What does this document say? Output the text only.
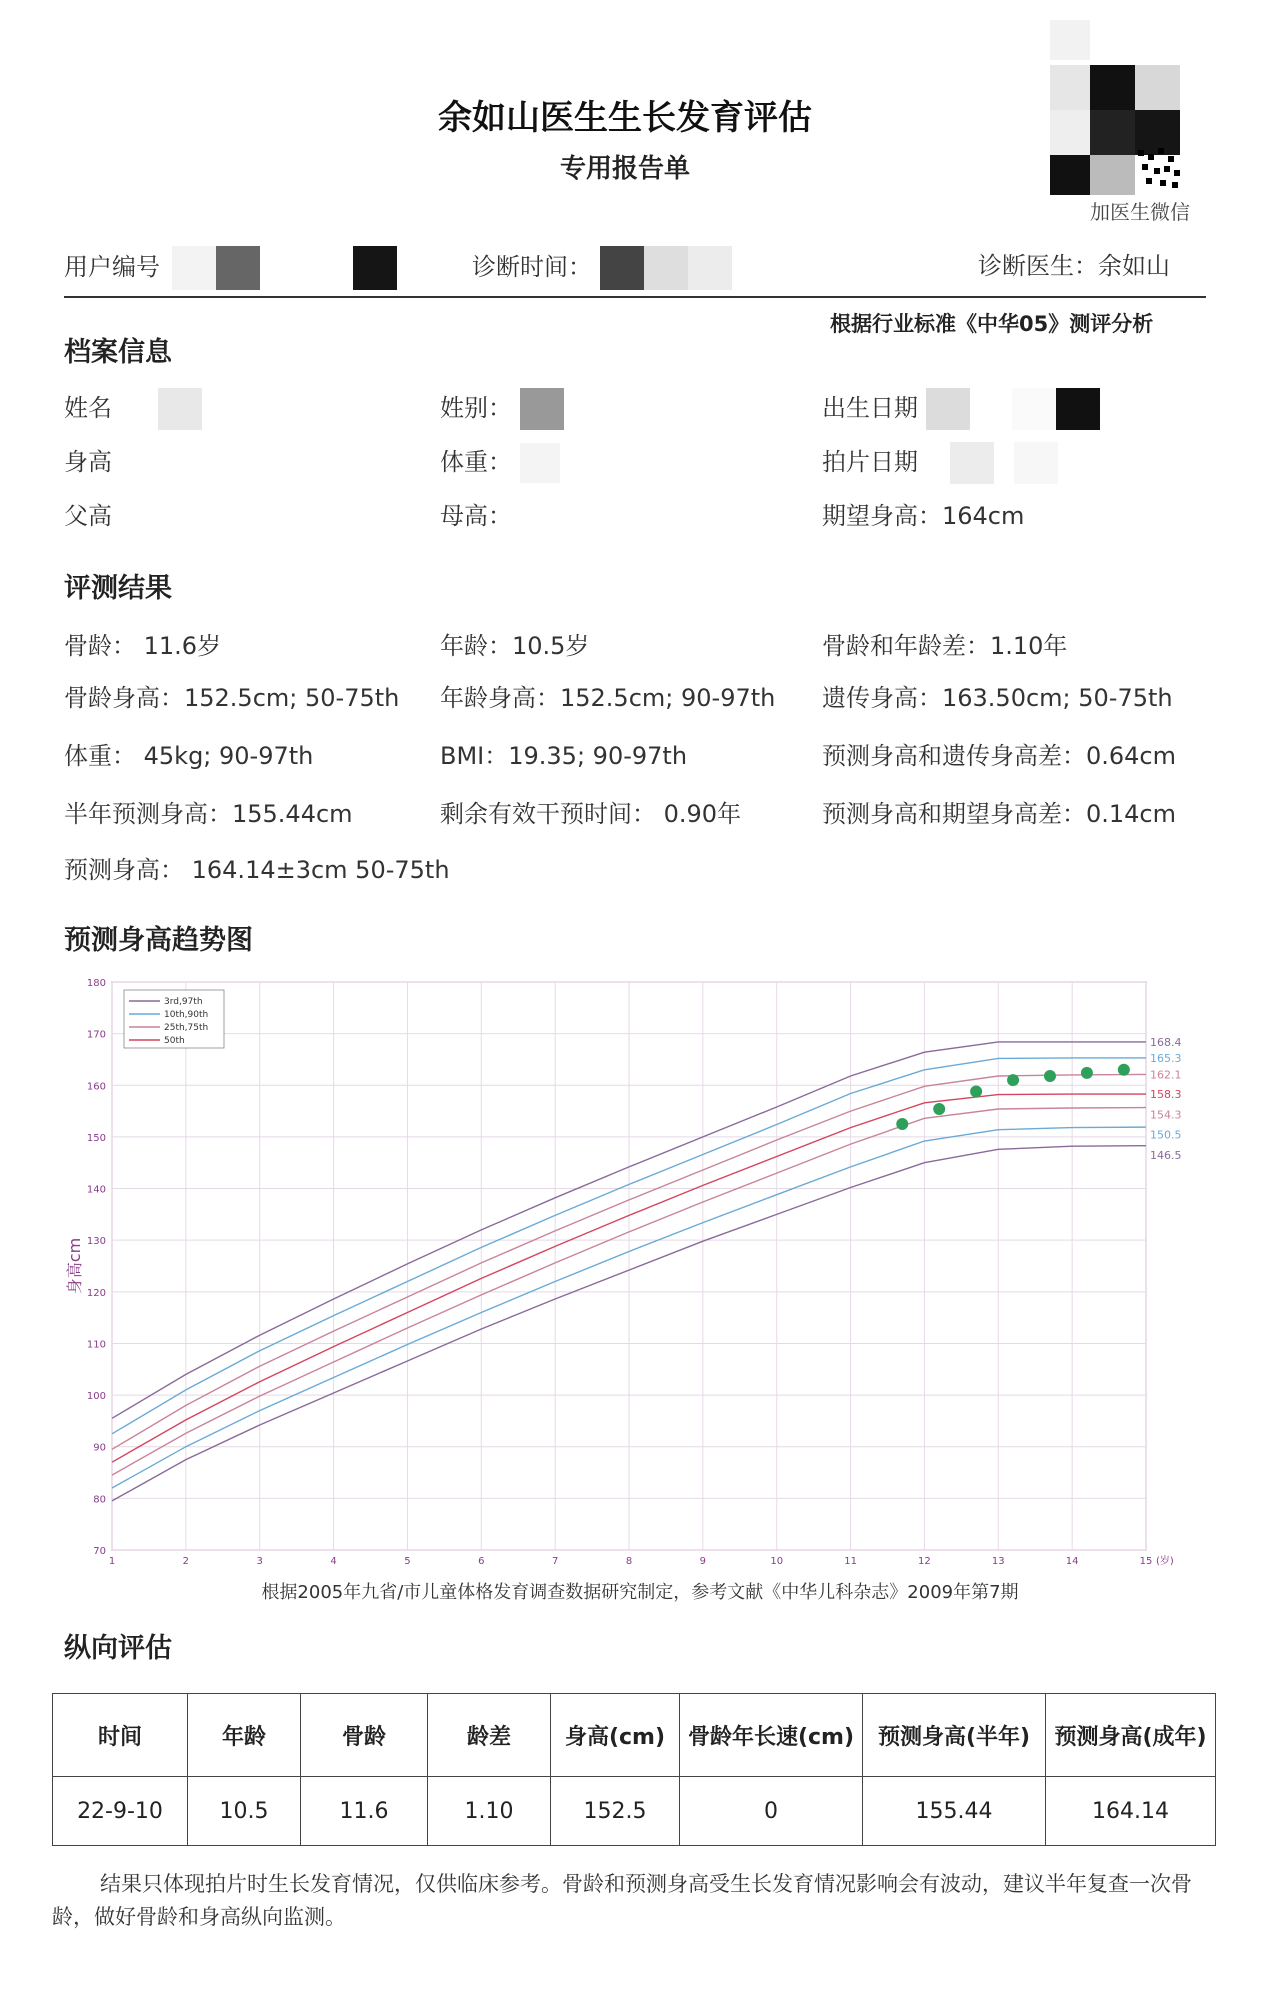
余如山医生生长发育评估
专用报告单
加医生微信
用户编号	诊断时间：	诊断医生：余如山
根据行业标准《中华05》测评分析
档案信息
姓名	姓别：	出生日期
身高	体重：	拍片日期
父高	母高：	期望身高：164cm
评测结果
骨龄： 11.6岁	年龄：10.5岁	骨龄和年龄差：1.10年
骨龄身高：152.5cm; 50-75th 年龄身高：152.5cm; 90-97th 遗传身高：163.50cm; 50-75th
体重： 45kg; 90-97th	BMI：19.35; 90-97th	预测身高和遗传身高差：0.64cm
半年预测身高：155.44cm	剩余有效干预时间： 0.90年	预测身高和期望身高差：0.14cm
预测身高： 164.14±3cm 50-75th
预测身高趋势图
1	2	3	4	5	6	7	8	9	10	11	12	13	14	15
70
80
90
100
110
120
130
140
150
160
170
180
(岁)
身高cm
168.4
165.3
162.1
158.3
154.3
150.5
146.5
3rd,97th
10th,90th
25th,75th
50th
根据2005年九省/市儿童体格发育调查数据研究制定，参考文献《中华儿科杂志》2009年第7期
纵向评估
时间	年龄	骨龄	龄差	身高(cm)	骨龄年长速(cm)	预测身高(半年)	预测身高(成年)
22-9-10	10.5	11.6	1.10	152.5	0	155.44	164.14
结果只体现拍片时生长发育情况，仅供临床参考。骨龄和预测身高受生长发育情况影响会有波动，建议半年复查一次骨龄，做好骨龄和身高纵向监测。
